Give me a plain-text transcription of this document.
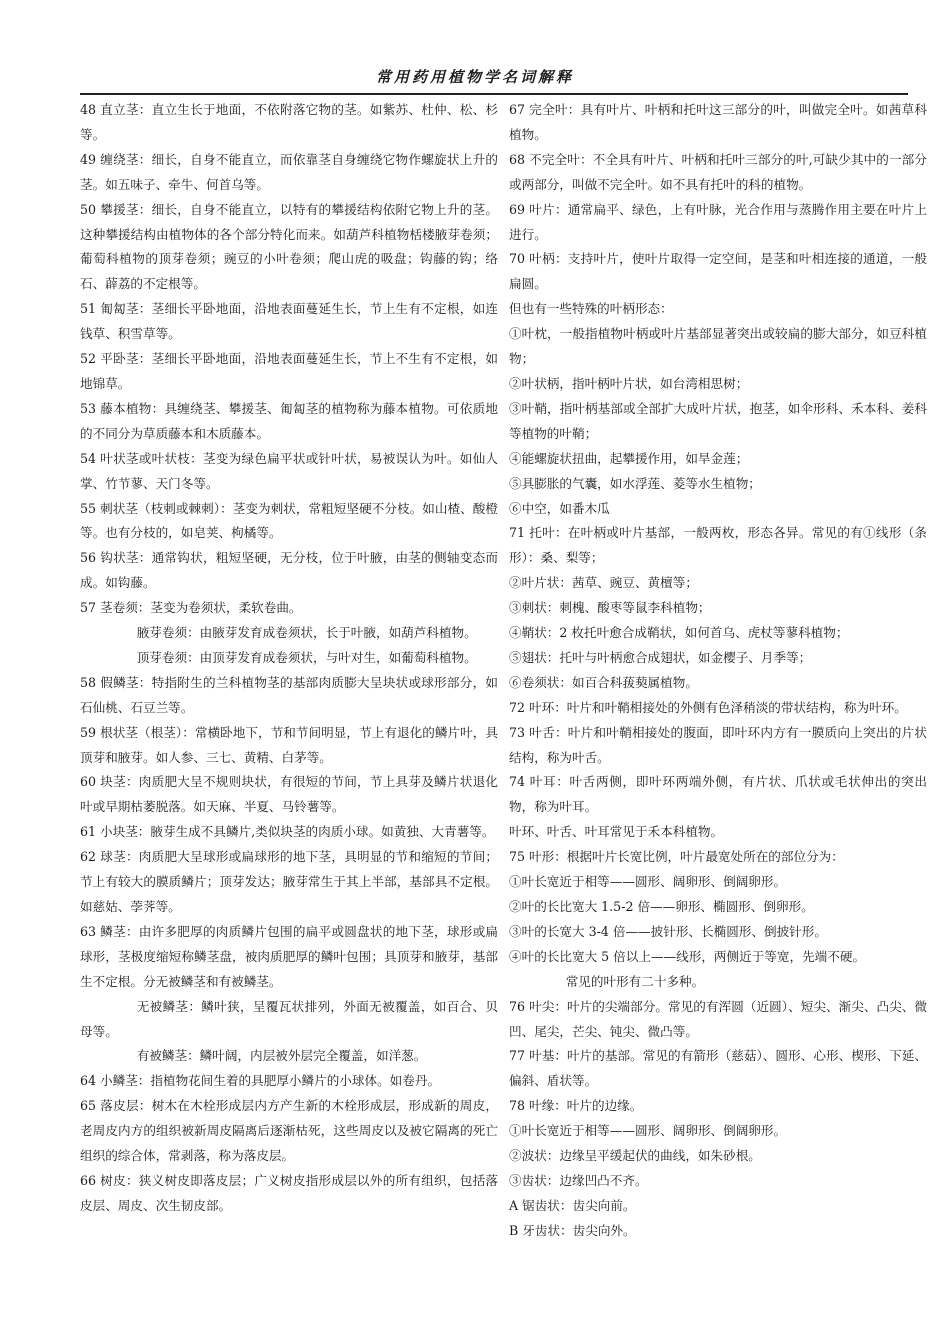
常用药用植物学名词解释

48 直立茎：直立生长于地面，不依附落它物的茎。如紫苏、杜仲、松、杉等。

49 缠绕茎：细长，自身不能直立，而依靠茎自身缠绕它物作螺旋状上升的茎。如五味子、牵牛、何首乌等。

50 攀援茎：细长，自身不能直立，以特有的攀援结构依附它物上升的茎。这种攀援结构由植物体的各个部分特化而来。如葫芦科植物栝楼腋芽卷须；葡萄科植物的顶芽卷须；豌豆的小叶卷须；爬山虎的吸盘；钩藤的钩；络石、薜荔的不定根等。

51 匍匐茎：茎细长平卧地面，沿地表面蔓延生长，节上生有不定根，如连钱草、积雪草等。

52 平卧茎：茎细长平卧地面，沿地表面蔓延生长，节上不生有不定根，如地锦草。

53 藤本植物：具缠绕茎、攀援茎、匍匐茎的植物称为藤本植物。可依质地的不同分为草质藤本和木质藤本。

54 叶状茎或叶状枝：茎变为绿色扁平状或针叶状，易被误认为叶。如仙人掌、竹节蓼、天门冬等。

55 刺状茎（枝刺或棘刺）：茎变为刺状，常粗短坚硬不分枝。如山楂、酸橙等。也有分枝的，如皂荚、枸橘等。

56 钩状茎：通常钩状，粗短坚硬，无分枝，位于叶腋，由茎的侧轴变态而成。如钩藤。

57 茎卷须：茎变为卷须状，柔软卷曲。

腋芽卷须：由腋芽发育成卷须状，长于叶腋，如葫芦科植物。

顶芽卷须：由顶芽发育成卷须状，与叶对生，如葡萄科植物。

58 假鳞茎：特指附生的兰科植物茎的基部肉质膨大呈块状或球形部分，如石仙桃、石豆兰等。

59 根状茎（根茎）：常横卧地下，节和节间明显，节上有退化的鳞片叶，具顶芽和腋芽。如人参、三七、黄精、白茅等。

60 块茎：肉质肥大呈不规则块状，有很短的节间，节上具芽及鳞片状退化叶或早期枯萎脱落。如天麻、半夏、马铃薯等。

61 小块茎：腋芽生成不具鳞片,类似块茎的肉质小球。如黄独、大青薯等。

62 球茎：肉质肥大呈球形或扁球形的地下茎，具明显的节和缩短的节间；节上有较大的膜质鳞片；顶芽发达；腋芽常生于其上半部，基部具不定根。如慈姑、荸荠等。

63 鳞茎：由许多肥厚的肉质鳞片包围的扁平或圆盘状的地下茎，球形或扁球形，茎极度缩短称鳞茎盘，被肉质肥厚的鳞叶包围；具顶芽和腋芽，基部生不定根。分无被鳞茎和有被鳞茎。

无被鳞茎：鳞叶狭，呈覆瓦状排列，外面无被覆盖，如百合、贝母等。

有被鳞茎：鳞叶阔，内层被外层完全覆盖，如洋葱。

64 小鳞茎：指植物花间生着的具肥厚小鳞片的小球体。如卷丹。

65 落皮层：树木在木栓形成层内方产生新的木栓形成层，形成新的周皮，老周皮内方的组织被新周皮隔离后逐渐枯死，这些周皮以及被它隔离的死亡组织的综合体，常剥落，称为落皮层。

66 树皮：狭义树皮即落皮层；广义树皮指形成层以外的所有组织，包括落皮层、周皮、次生韧皮部。

67 完全叶：具有叶片、叶柄和托叶这三部分的叶，叫做完全叶。如茜草科植物。

68 不完全叶：不全具有叶片、叶柄和托叶三部分的叶,可缺少其中的一部分或两部分，叫做不完全叶。如不具有托叶的科的植物。

69 叶片：通常扁平、绿色，上有叶脉，光合作用与蒸腾作用主要在叶片上进行。

70 叶柄：支持叶片，使叶片取得一定空间，是茎和叶相连接的通道，一般扁圆。

但也有一些特殊的叶柄形态：

①叶枕，一般指植物叶柄或叶片基部显著突出或较扁的膨大部分，如豆科植物；

②叶状柄，指叶柄叶片状，如台湾相思树；

③叶鞘，指叶柄基部或全部扩大成叶片状，抱茎，如伞形科、禾本科、姜科等植物的叶鞘；

④能螺旋状扭曲，起攀援作用，如旱金莲；

⑤具膨胀的气囊，如水浮莲、菱等水生植物；

⑥中空，如番木瓜

71 托叶：在叶柄或叶片基部，一般两枚，形态各异。常见的有①线形（条形）：桑、梨等；

②叶片状：茜草、豌豆、黄檀等；

③刺状：刺槐、酸枣等鼠李科植物；

④鞘状：2 枚托叶愈合成鞘状，如何首乌、虎杖等蓼科植物；

⑤翅状：托叶与叶柄愈合成翅状，如金樱子、月季等；

⑥卷须状：如百合科菝葜属植物。

72 叶环：叶片和叶鞘相接处的外侧有色泽稍淡的带状结构，称为叶环。

73 叶舌：叶片和叶鞘相接处的腹面，即叶环内方有一膜质向上突出的片状结构，称为叶舌。

74 叶耳：叶舌两侧，即叶环两端外侧，有片状、爪状或毛状伸出的突出物，称为叶耳。

叶环、叶舌、叶耳常见于禾本科植物。

75 叶形：根据叶片长宽比例，叶片最宽处所在的部位分为：

①叶长宽近于相等——圆形、阔卵形、倒阔卵形。

②叶的长比宽大 1.5-2 倍——卵形、椭圆形、倒卵形。

③叶的长宽大 3-4 倍——披针形、长椭圆形、倒披针形。

④叶的长比宽大 5 倍以上——线形，两侧近于等宽，先端不硬。

常见的叶形有二十多种。

76 叶尖：叶片的尖端部分。常见的有浑圆（近圆）、短尖、渐尖、凸尖、微凹、尾尖，芒尖、钝尖、微凸等。

77 叶基：叶片的基部。常见的有箭形（慈菇）、圆形、心形、楔形、下延、偏斜、盾状等。

78 叶缘：叶片的边缘。

①叶长宽近于相等——圆形、阔卵形、倒阔卵形。

②波状：边缘呈平缓起伏的曲线，如朱砂根。

③齿状：边缘凹凸不齐。

A 锯齿状：齿尖向前。

B 牙齿状：齿尖向外。
